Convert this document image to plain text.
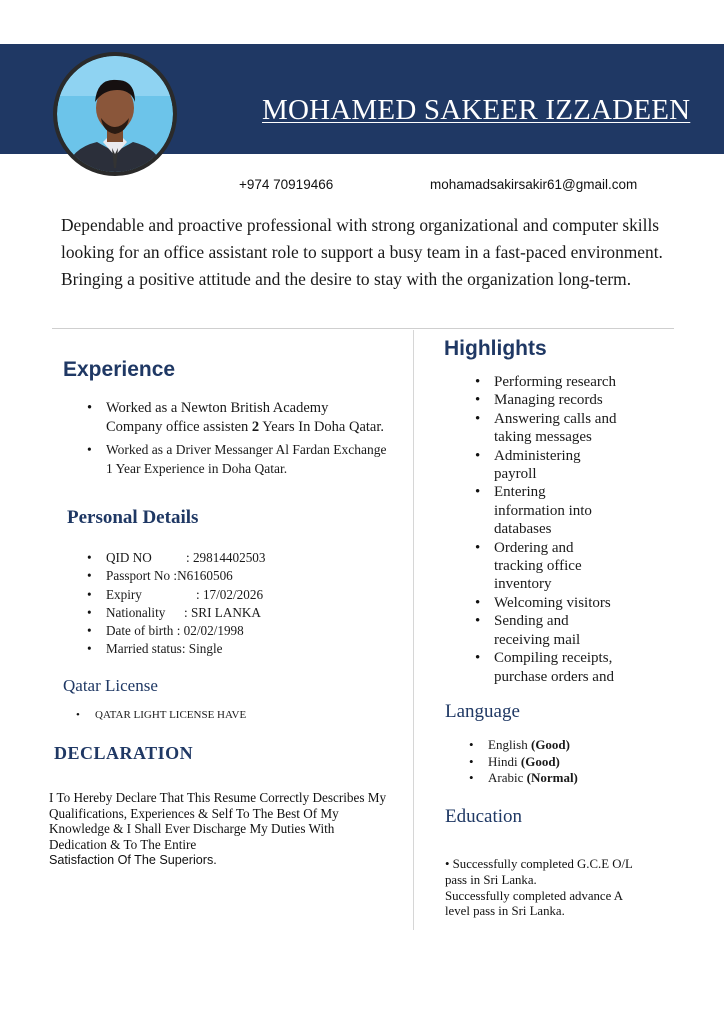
MOHAMED SAKEER IZZADEEN
+974 70919466	mohamadsakirsakir61@gmail.com
Dependable and proactive professional with strong organizational and computer skills looking for an office assistant role to support a busy team in a fast-paced environment. Bringing a positive attitude and the desire to stay with the organization long-term.
Experience
• Worked as a Newton British Academy Company office assisten 2 Years In Doha Qatar.
• Worked as a Driver Messanger Al Fardan Exchange 1 Year Experience in Doha Qatar.
Personal Details
• QID NO	: 29814402503
• Passport No :N6160506
• Expiry	: 17/02/2026
• Nationality : SRI LANKA
• Date of birth : 02/02/1998
• Married status: Single
Qatar License
• QATAR LIGHT LICENSE HAVE
DECLARATION
I To Hereby Declare That This Resume Correctly Describes My Qualifications, Experiences & Self To The Best Of My Knowledge & I Shall Ever Discharge My Duties With Dedication & To The Entire
Satisfaction Of The Superiors.
Highlights
• Performing research
• Managing records
• Answering calls and taking messages
• Administering payroll
• Entering information into databases
• Ordering and tracking office inventory
• Welcoming visitors
• Sending and receiving mail
• Compiling receipts, purchase orders and
Language
• English (Good)
• Hindi (Good)
• Arabic (Normal)
Education
• Successfully completed G.C.E O/L
pass in Sri Lanka.
Successfully completed advance A
level pass in Sri Lanka.
